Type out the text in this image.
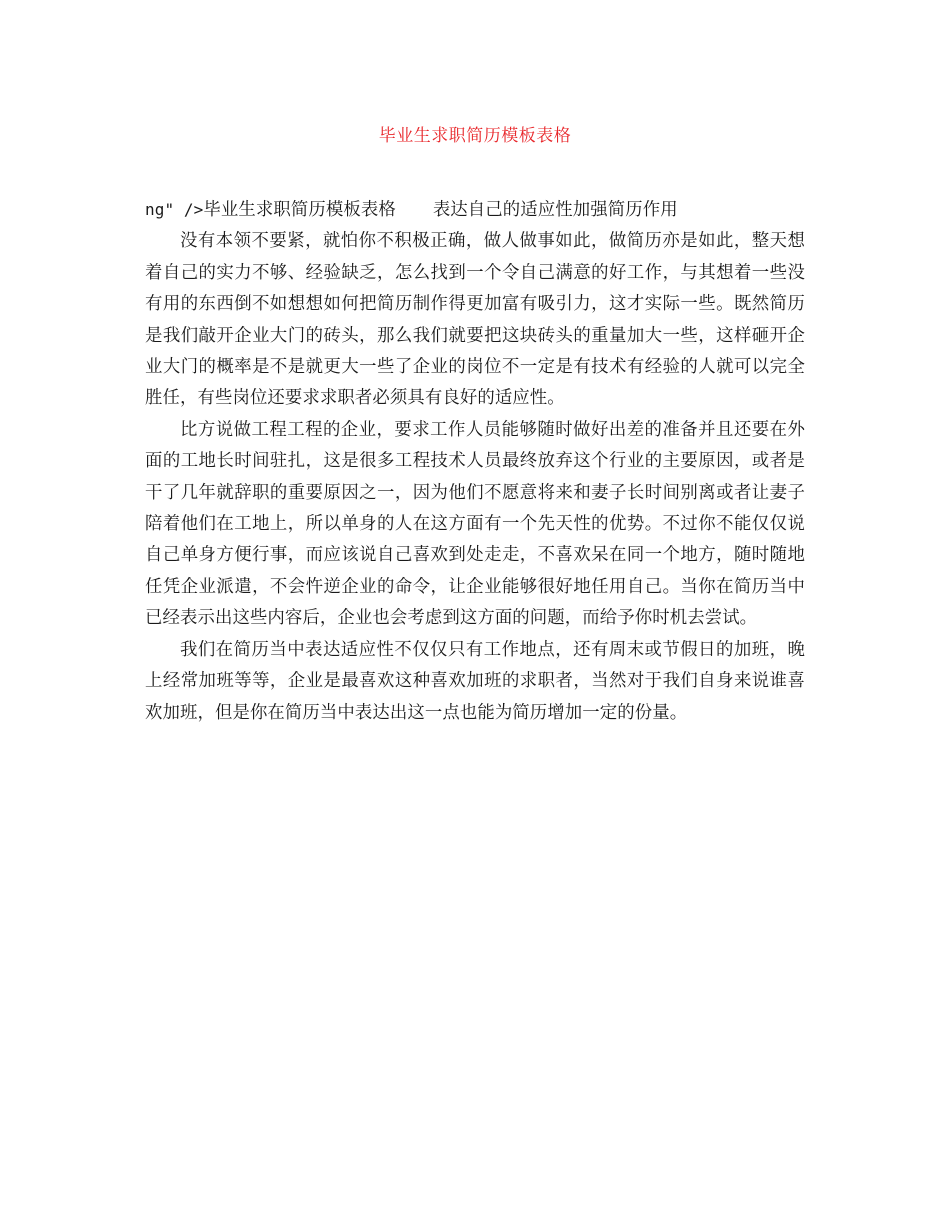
毕业生求职简历模板表格

ng" />毕业生求职简历模板表格 表达自己的适应性加强简历作用

没有本领不要紧，就怕你不积极正确，做人做事如此，做简历亦是如此，整天想着自己的实力不够、经验缺乏，怎么找到一个令自己满意的好工作，与其想着一些没有用的东西倒不如想想如何把简历制作得更加富有吸引力，这才实际一些。既然简历是我们敲开企业大门的砖头，那么我们就要把这块砖头的重量加大一些，这样砸开企业大门的概率是不是就更大一些了企业的岗位不一定是有技术有经验的人就可以完全胜任，有些岗位还要求求职者必须具有良好的适应性。

比方说做工程工程的企业，要求工作人员能够随时做好出差的准备并且还要在外面的工地长时间驻扎，这是很多工程技术人员最终放弃这个行业的主要原因，或者是干了几年就辞职的重要原因之一，因为他们不愿意将来和妻子长时间别离或者让妻子陪着他们在工地上，所以单身的人在这方面有一个先天性的优势。不过你不能仅仅说自己单身方便行事，而应该说自己喜欢到处走走，不喜欢呆在同一个地方，随时随地任凭企业派遣，不会忤逆企业的命令，让企业能够很好地任用自己。当你在简历当中已经表示出这些内容后，企业也会考虑到这方面的问题，而给予你时机去尝试。

我们在简历当中表达适应性不仅仅只有工作地点，还有周末或节假日的加班，晚上经常加班等等，企业是最喜欢这种喜欢加班的求职者，当然对于我们自身来说谁喜欢加班，但是你在简历当中表达出这一点也能为简历增加一定的份量。
